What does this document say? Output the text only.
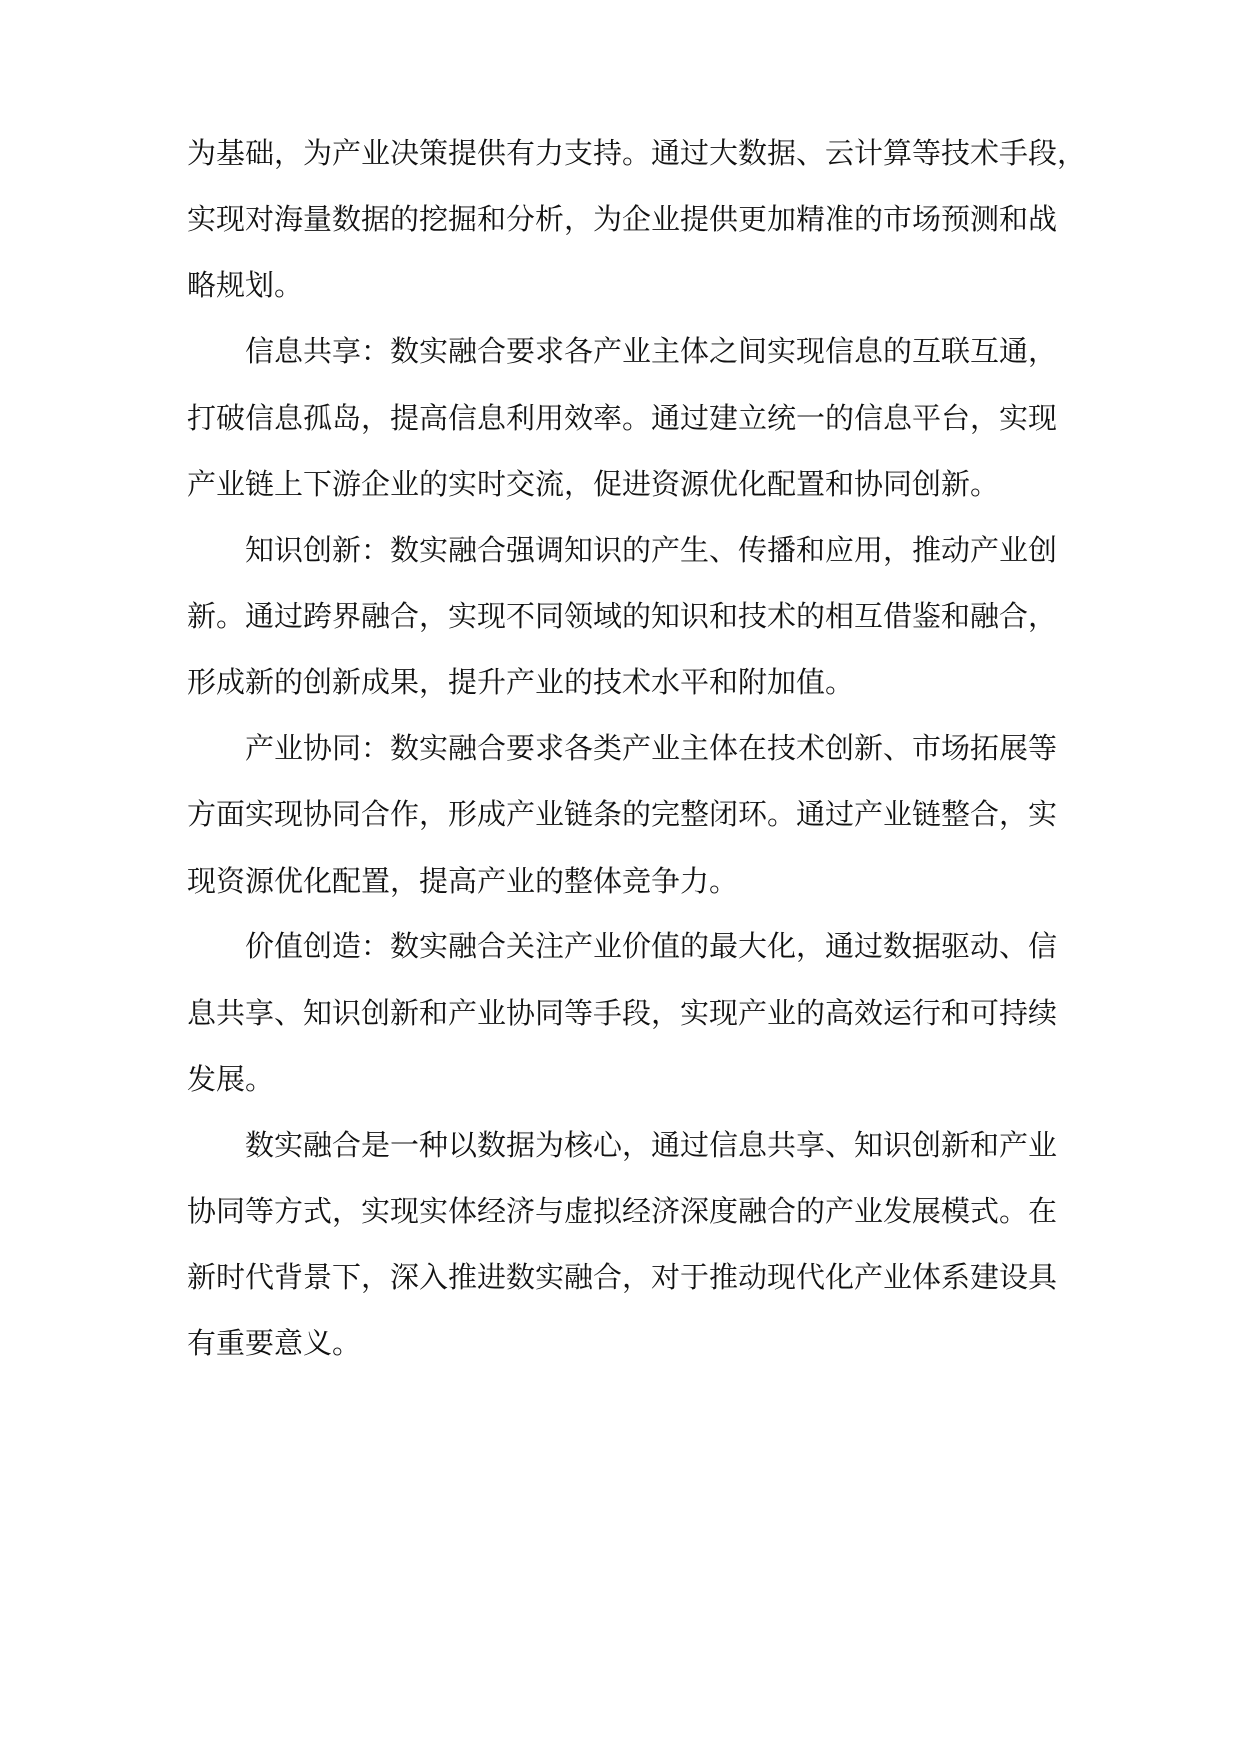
为基础，为产业决策提供有力支持。通过大数据、云计算等技术手段，
实现对海量数据的挖掘和分析，为企业提供更加精准的市场预测和战
略规划。
信息共享：数实融合要求各产业主体之间实现信息的互联互通，
打破信息孤岛，提高信息利用效率。通过建立统一的信息平台，实现
产业链上下游企业的实时交流，促进资源优化配置和协同创新。
知识创新：数实融合强调知识的产生、传播和应用，推动产业创
新。通过跨界融合，实现不同领域的知识和技术的相互借鉴和融合，
形成新的创新成果，提升产业的技术水平和附加值。
产业协同：数实融合要求各类产业主体在技术创新、市场拓展等
方面实现协同合作，形成产业链条的完整闭环。通过产业链整合，实
现资源优化配置，提高产业的整体竞争力。
价值创造：数实融合关注产业价值的最大化，通过数据驱动、信
息共享、知识创新和产业协同等手段，实现产业的高效运行和可持续
发展。
数实融合是一种以数据为核心，通过信息共享、知识创新和产业
协同等方式，实现实体经济与虚拟经济深度融合的产业发展模式。在
新时代背景下，深入推进数实融合，对于推动现代化产业体系建设具
有重要意义。
